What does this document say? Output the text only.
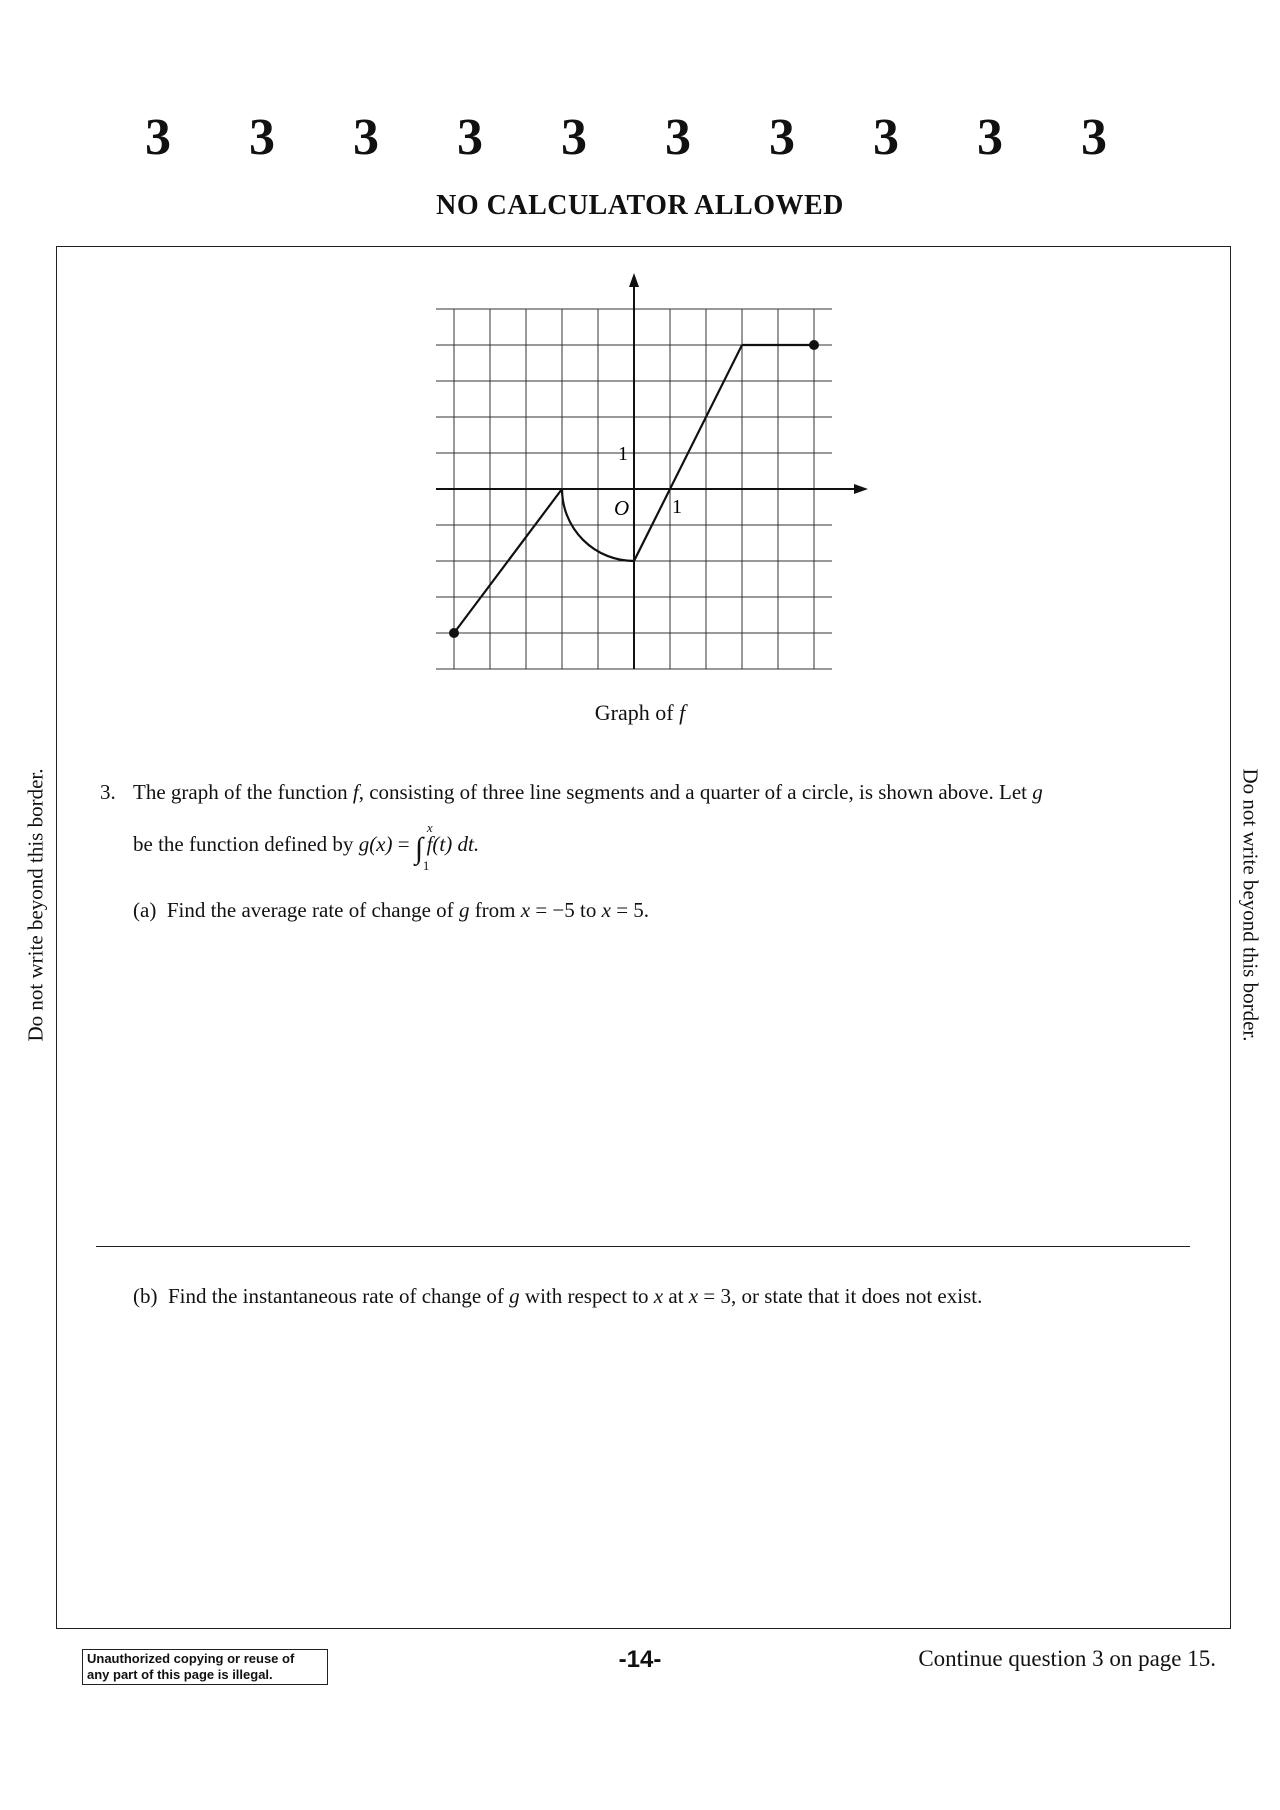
3 3 3 3 3 3 3 3 3 3
NO CALCULATOR ALLOWED
Do not write beyond this border.	Do not write beyond this border.
O 1
1
Graph of f
3. The graph of the function f, consisting of three line segments and a quarter of a circle, is shown above. Let g
be the function defined by g(x) = ∫
x
1
  f(t) dt.
(a) Find the average rate of change of g from x = −5 to x = 5.
(b) Find the instantaneous rate of change of g with respect to x at x = 3, or state that it does not exist.
Unauthorized copying or reuse of
any part of this page is illegal.
-14-	Continue question 3 on page 15.
